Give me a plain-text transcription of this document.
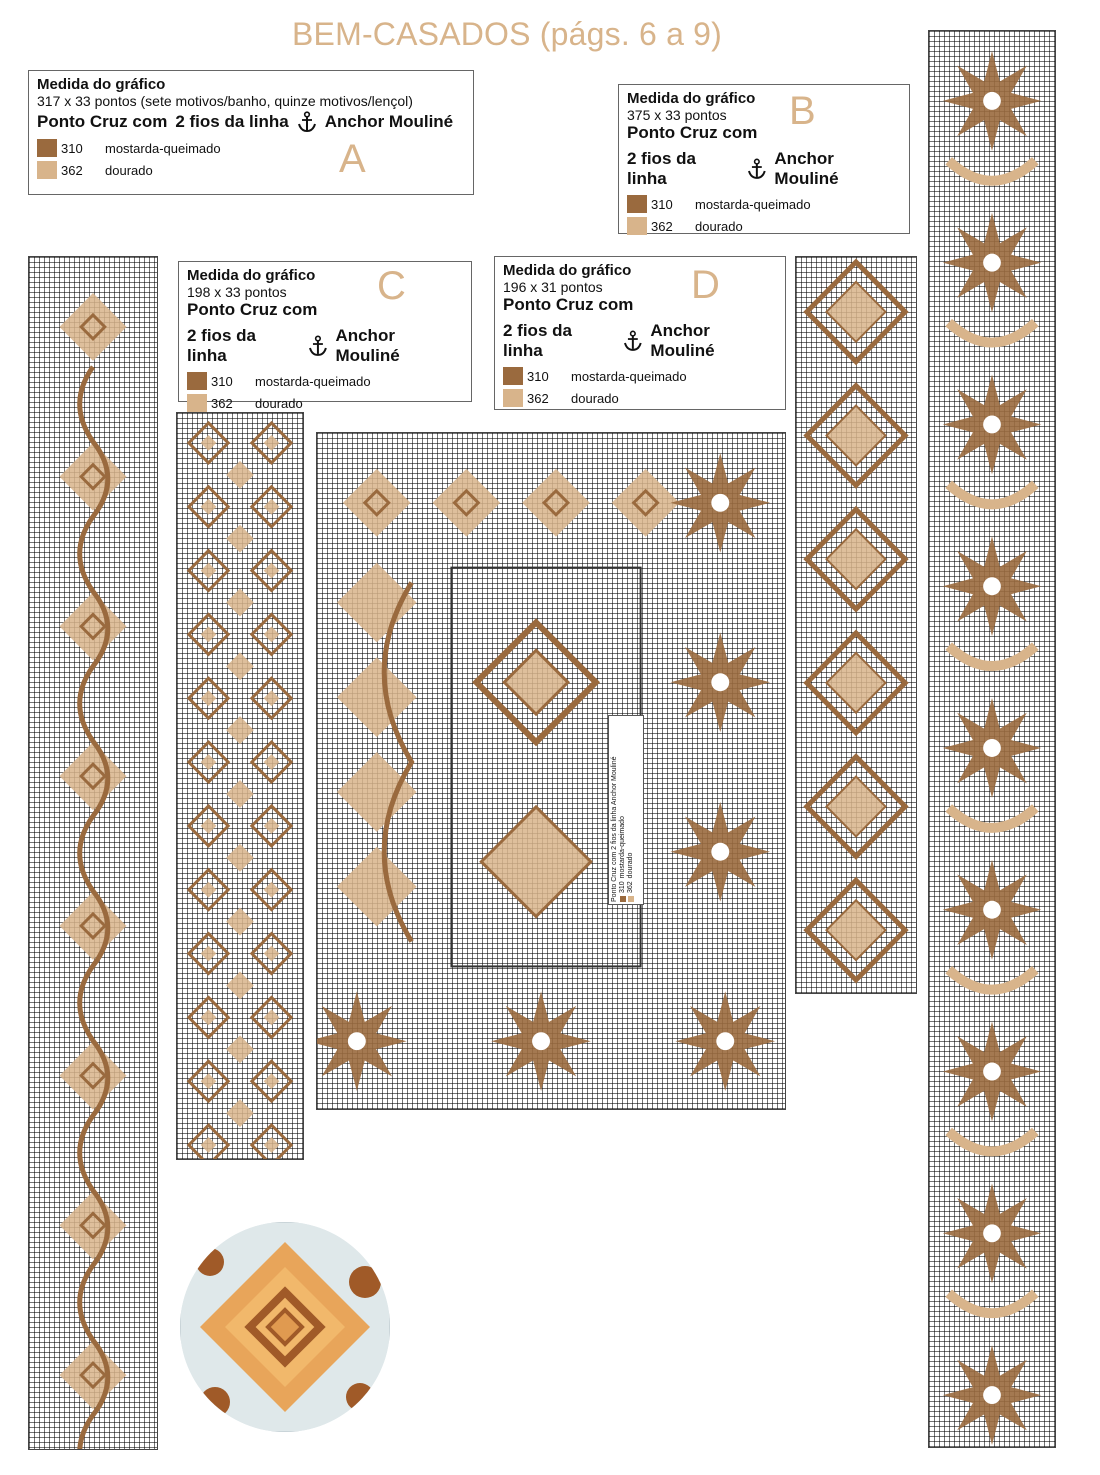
BEM-CASADOS (págs. 6 a 9)
Medida do gráfico
317 x 33 pontos (sete motivos/banho, quinze motivos/lençol)
Ponto Cruz com 2 fios da linha Anchor Mouliné
310	mostarda-queimado
362	dourado	A
Medida do gráfico
375 x 33 pontos
Ponto Cruz com
2 fios da linha
Anchor Mouliné
310	mostarda-queimado
362	dourado
B
Medida do gráfico
198 x 33 pontos
Ponto Cruz com
2 fios da linha
Anchor Mouliné
310	mostarda-queimado
362	dourado
C	Medida do gráfico
196 x 31 pontos
Ponto Cruz com
2 fios da linha
Anchor Mouliné
310	mostarda-queimado
362	dourado
D
Ponto Cruz com 2 fios da linha Anchor Mouliné
310
mostarda-queimado
362
dourado
